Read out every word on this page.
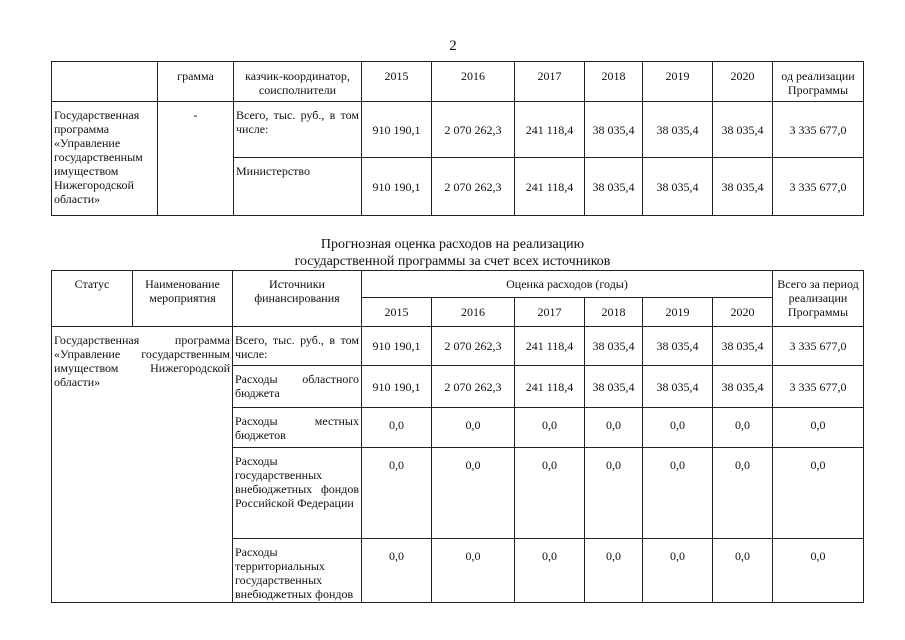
2
	грамма	казчик-координатор, соисполнители	2015	2016	2017	2018	2019	2020	од реализации Программы
Государственная программа «Управление государственным имуществом Нижегородской области»	-	Всего, тыс. руб., в том числе:	910 190,1	2 070 262,3	241 118,4	38 035,4	38 035,4	38 035,4	3 335 677,0
		Министерство	910 190,1	2 070 262,3	241 118,4	38 035,4	38 035,4	38 035,4	3 335 677,0
Прогнозная оценка расходов на реализацию
государственной программы за счет всех источников
Статус	Наименование мероприятия	Источники финансирования	Оценка расходов (годы)						Всего за период реализации Программы
			2015	2016	2017	2018	2019	2020	
Государственная программа «Управление государственным имуществом Нижегородской области»		Всего, тыс. руб., в том числе:	910 190,1	2 070 262,3	241 118,4	38 035,4	38 035,4	38 035,4	3 335 677,0
		Расходы областного бюджета	910 190,1	2 070 262,3	241 118,4	38 035,4	38 035,4	38 035,4	3 335 677,0
		Расходы местных бюджетов	0,0	0,0	0,0	0,0	0,0	0,0	0,0
		Расходы государственных внебюджетных фондов Российской Федерации	0,0	0,0	0,0	0,0	0,0	0,0	0,0
		Расходы территориальных государственных внебюджетных фондов	0,0	0,0	0,0	0,0	0,0	0,0	0,0
